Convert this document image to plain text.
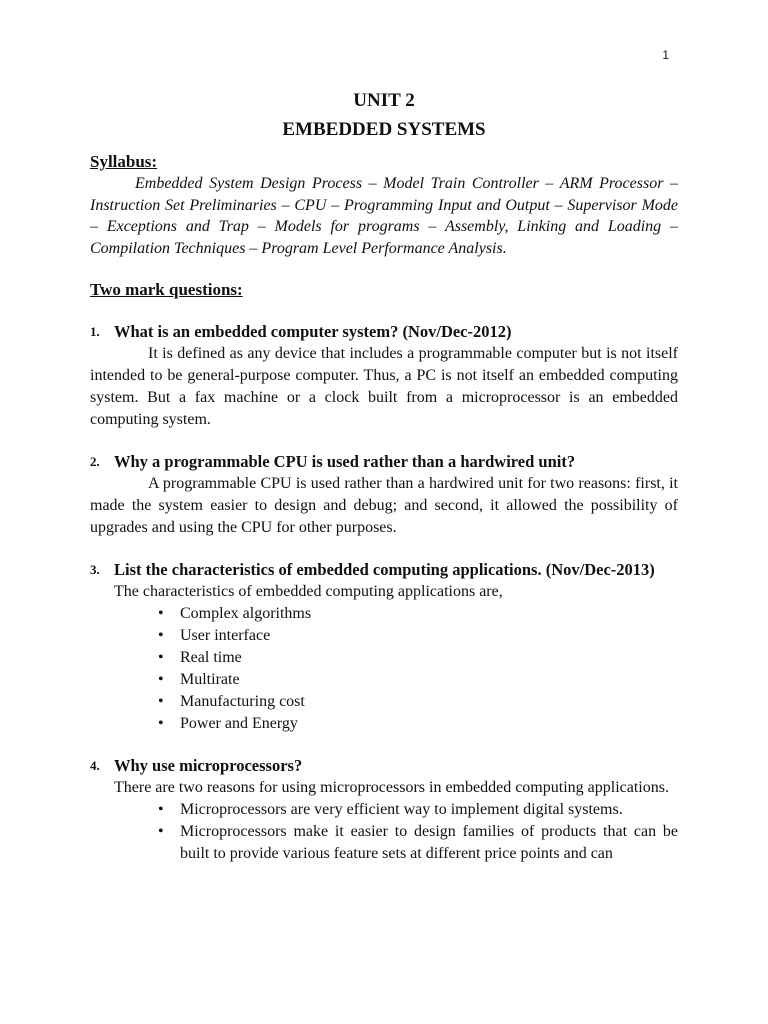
1

UNIT 2

EMBEDDED SYSTEMS

Syllabus:

Embedded System Design Process – Model Train Controller – ARM Processor – Instruction Set Preliminaries – CPU – Programming Input and Output – Supervisor Mode – Exceptions and Trap – Models for programs – Assembly, Linking and Loading – Compilation Techniques – Program Level Performance Analysis.

Two mark questions:

1. What is an embedded computer system? (Nov/Dec-2012)

It is defined as any device that includes a programmable computer but is not itself intended to be general-purpose computer. Thus, a PC is not itself an embedded computing system. But a fax machine or a clock built from a microprocessor is an embedded computing system.

2. Why a programmable CPU is used rather than a hardwired unit?

A programmable CPU is used rather than a hardwired unit for two reasons: first, it made the system easier to design and debug; and second, it allowed the possibility of upgrades and using the CPU for other purposes.

3. List the characteristics of embedded computing applications. (Nov/Dec-2013)

The characteristics of embedded computing applications are,

• Complex algorithms
• User interface
• Real time
• Multirate
• Manufacturing cost
• Power and Energy
4. Why use microprocessors?

There are two reasons for using microprocessors in embedded computing applications.

• Microprocessors are very efficient way to implement digital systems.
• Microprocessors make it easier to design families of products that can be built to provide various feature sets at different price points and can
